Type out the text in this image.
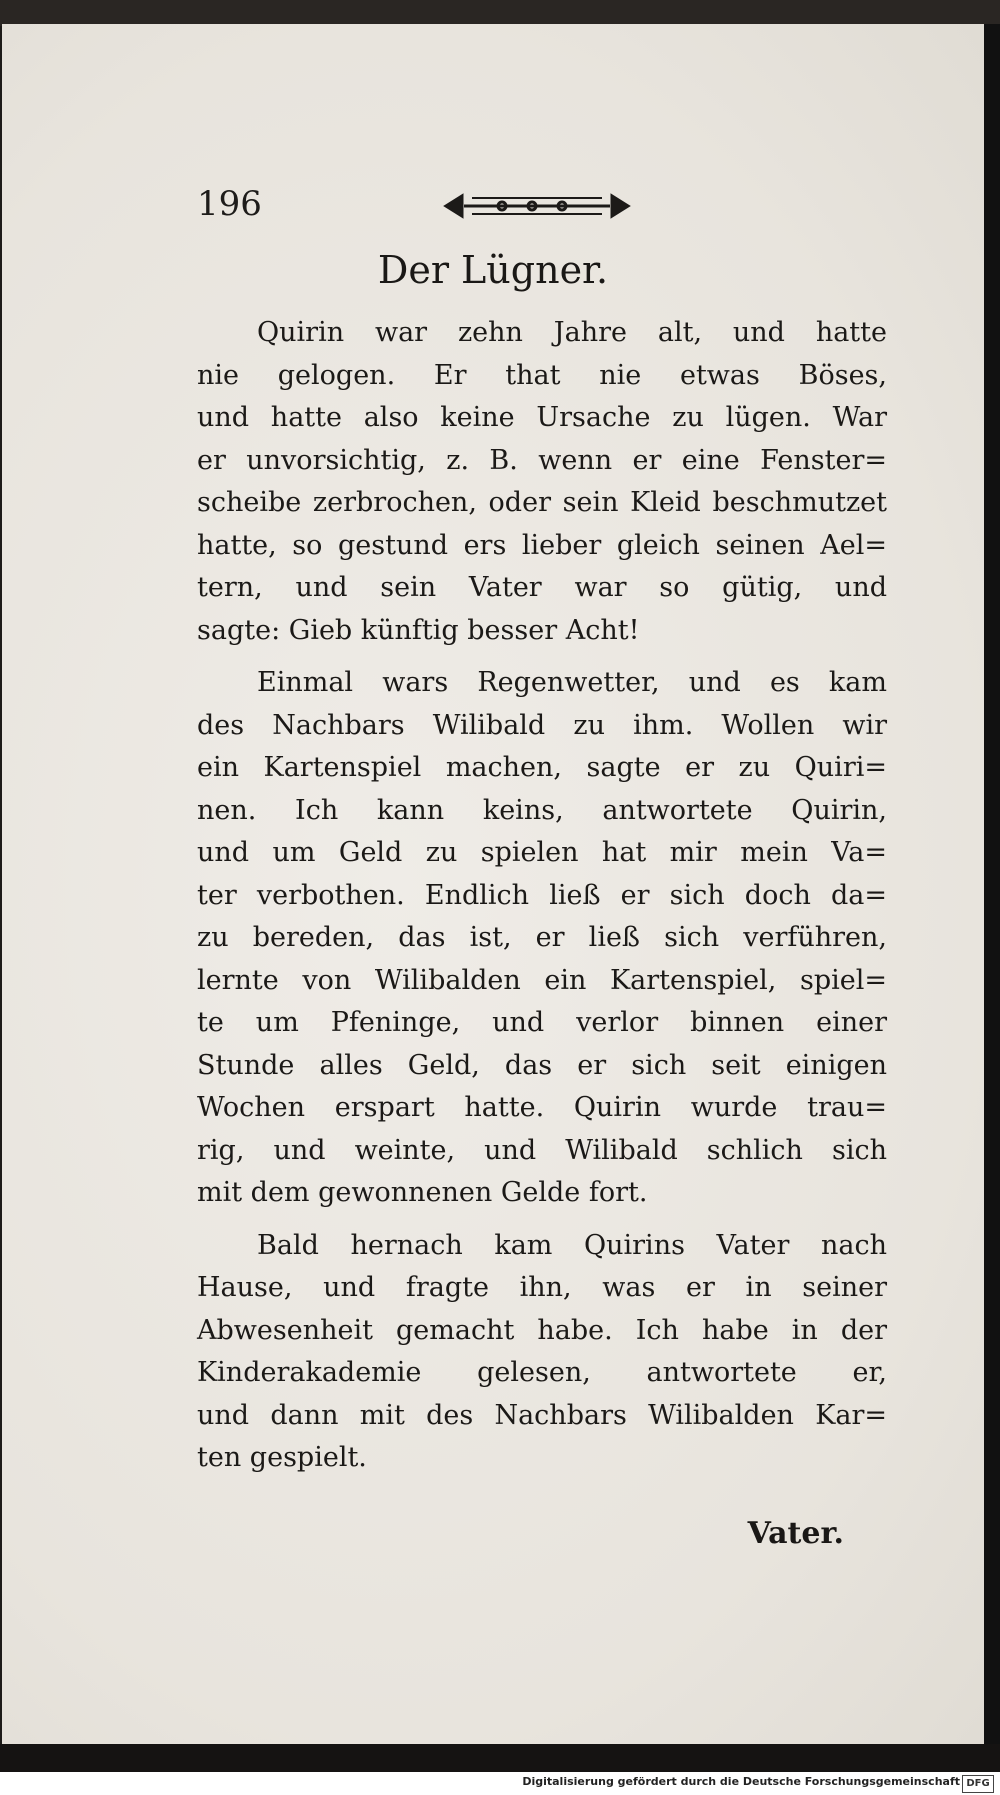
196
Der Lügner.
Quirin war zehn Jahre alt, und hatte
nie gelogen. Er that nie etwas Böses,
und hatte also keine Ursache zu lügen. War
er unvorsichtig, z. B. wenn er eine Fenster=
scheibe zerbrochen, oder sein Kleid beschmutzet
hatte, so gestund ers lieber gleich seinen Ael=
tern, und sein Vater war so gütig, und
sagte: Gieb künftig besser Acht!
Einmal wars Regenwetter, und es kam
des Nachbars Wilibald zu ihm. Wollen wir
ein Kartenspiel machen, sagte er zu Quiri=
nen. Ich kann keins, antwortete Quirin,
und um Geld zu spielen hat mir mein Va=
ter verbothen. Endlich ließ er sich doch da=
zu bereden, das ist, er ließ sich verführen,
lernte von Wilibalden ein Kartenspiel, spiel=
te um Pfeninge, und verlor binnen einer
Stunde alles Geld, das er sich seit einigen
Wochen erspart hatte. Quirin wurde trau=
rig, und weinte, und Wilibald schlich sich
mit dem gewonnenen Gelde fort.
Bald hernach kam Quirins Vater nach
Hause, und fragte ihn, was er in seiner
Abwesenheit gemacht habe. Ich habe in der
Kinderakademie gelesen, antwortete er,
und dann mit des Nachbars Wilibalden Kar=
ten gespielt.
Vater.
Digitalisierung gefördert durch die Deutsche Forschungsgemeinschaft DFG
